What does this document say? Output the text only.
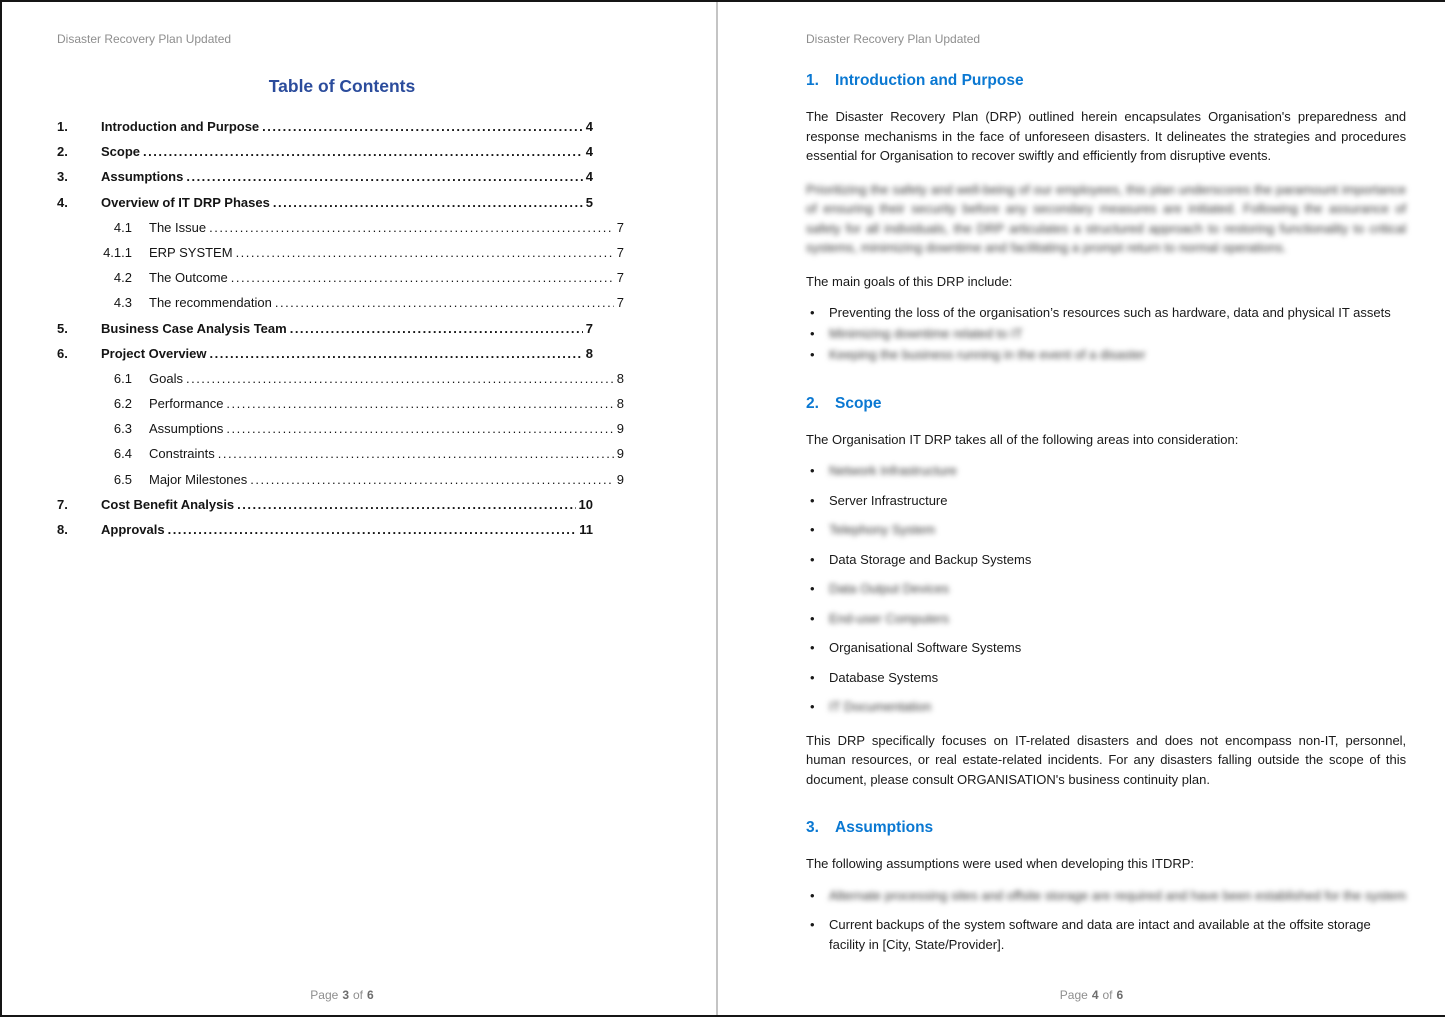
Disaster Recovery Plan Updated
Table of Contents
1.	Introduction and Purpose .....	4
2.	Scope .....	4
3.	Assumptions .....	4
4.	Overview of IT DRP Phases .....	5
4.1 The Issue .....	7
4.1.1 ERP SYSTEM .....	7
4.2 The Outcome .....	7
4.3 The recommendation .....	7
5.	Business Case Analysis Team .....	7
6.	Project Overview .....	8
6.1 Goals .....	8
6.2 Performance .....	8
6.3 Assumptions .....	9
6.4 Constraints .....	9
6.5 Major Milestones .....	9
7.	Cost Benefit Analysis .....	10
8.	Approvals .....	11
Page 3 of 6
Disaster Recovery Plan Updated
1.	Introduction and Purpose
The Disaster Recovery Plan (DRP) outlined herein encapsulates Organisation's preparedness and response mechanisms in the face of unforeseen disasters. It delineates the strategies and procedures essential for Organisation to recover swiftly and efficiently from disruptive events.
Prioritizing the safety and well-being of our employees, this plan underscores the paramount importance of ensuring their security before any secondary measures are initiated. Following the assurance of safety for all individuals, the DRP articulates a structured approach to restoring functionality to critical systems, minimizing downtime and facilitating a prompt return to normal operations.
The main goals of this DRP include:
•	Preventing the loss of the organisation’s resources such as hardware, data and physical IT assets
•	Minimizing downtime related to IT
•	Keeping the business running in the event of a disaster
2.	Scope
The Organisation IT DRP takes all of the following areas into consideration:
•	Network Infrastructure
•	Server Infrastructure
•	Telephony System
•	Data Storage and Backup Systems
•	Data Output Devices
•	End-user Computers
•	Organisational Software Systems
•	Database Systems
•	IT Documentation
This DRP specifically focuses on IT-related disasters and does not encompass non-IT, personnel, human resources, or real estate-related incidents. For any disasters falling outside the scope of this document, please consult ORGANISATION's business continuity plan.
3.	Assumptions
The following assumptions were used when developing this ITDRP:
•	Alternate processing sites and offsite storage are required and have been established for the system
•	Current backups of the system software and data are intact and available at the offsite storage facility in [City, State/Provider].
Page 4 of 6
